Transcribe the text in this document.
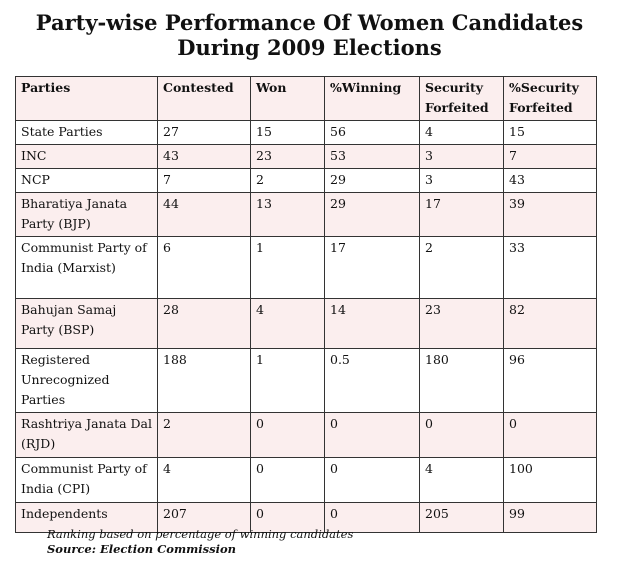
Party-wise Performance Of Women Candidates
During 2009 Elections
Parties	Contested	Won	%Winning	Security Forfeited	%Security Forfeited
State Parties	27	15	56	4	15
INC	43	23	53	3	7
NCP	7	2	29	3	43
Bharatiya Janata Party (BJP)	44	13	29	17	39
Communist Party of India (Marxist)	6	1	17	2	33
Bahujan Samaj Party (BSP)	28	4	14	23	82
Registered Unrecognized Parties	188	1	0.5	180	96
Rashtriya Janata Dal (RJD)	2	0	0	0	0
Communist Party of India (CPI)	4	0	0	4	100
Independents	207	0	0	205	99
Ranking based on percentage of winning candidates
Source: Election Commission
